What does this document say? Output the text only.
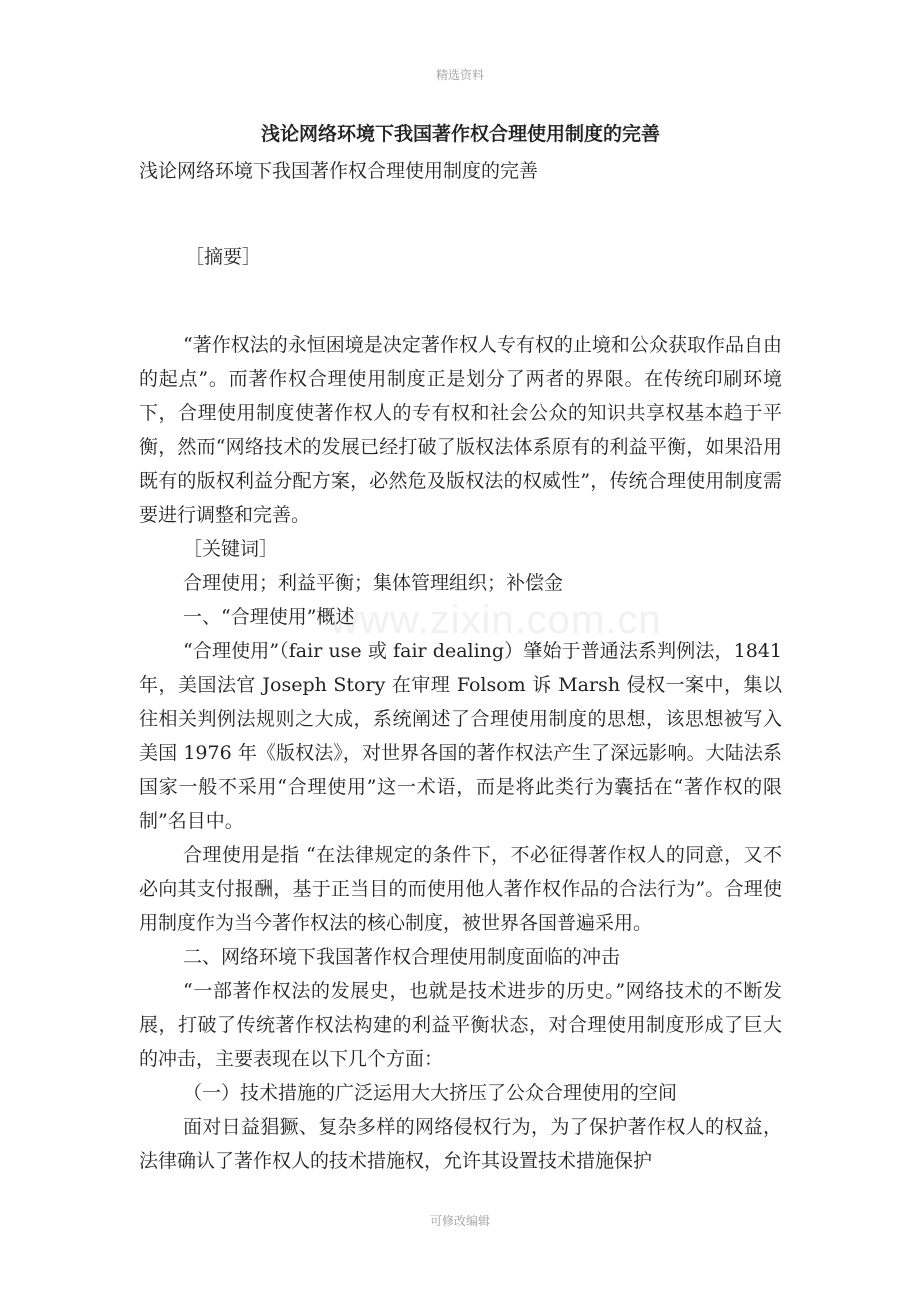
精选资料
www.zixin.com.cn
浅论网络环境下我国著作权合理使用制度的完善

浅论网络环境下我国著作权合理使用制度的完善

［摘要］

“著作权法的永恒困境是决定著作权人专有权的止境和公众获取作品自由的起点”。而著作权合理使用制度正是划分了两者的界限。在传统印刷环境下，合理使用制度使著作权人的专有权和社会公众的知识共享权基本趋于平衡，然而“网络技术的发展已经打破了版权法体系原有的利益平衡，如果沿用既有的版权利益分配方案，必然危及版权法的权威性”，传统合理使用制度需要进行调整和完善。

［关键词］

合理使用；利益平衡；集体管理组织；补偿金

一、“合理使用”概述

“合理使用”（fair use 或 fair dealing）肇始于普通法系判例法，1841 年，美国法官 Joseph Story 在审理 Folsom 诉 Marsh 侵权一案中，集以往相关判例法规则之大成，系统阐述了合理使用制度的思想，该思想被写入美国 1976 年《版权法》，对世界各国的著作权法产生了深远影响。大陆法系国家一般不采用“合理使用”这一术语，而是将此类行为囊括在“著作权的限制”名目中。

合理使用是指 “在法律规定的条件下，不必征得著作权人的同意，又不必向其支付报酬，基于正当目的而使用他人著作权作品的合法行为”。合理使用制度作为当今著作权法的核心制度，被世界各国普遍采用。

二、网络环境下我国著作权合理使用制度面临的冲击

“一部著作权法的发展史，也就是技术进步的历史。”网络技术的不断发展，打破了传统著作权法构建的利益平衡状态，对合理使用制度形成了巨大的冲击，主要表现在以下几个方面：

（一）技术措施的广泛运用大大挤压了公众合理使用的空间

面对日益猖獗、复杂多样的网络侵权行为，为了保护著作权人的权益，法律确认了著作权人的技术措施权，允许其设置技术措施保护

可修改编辑
